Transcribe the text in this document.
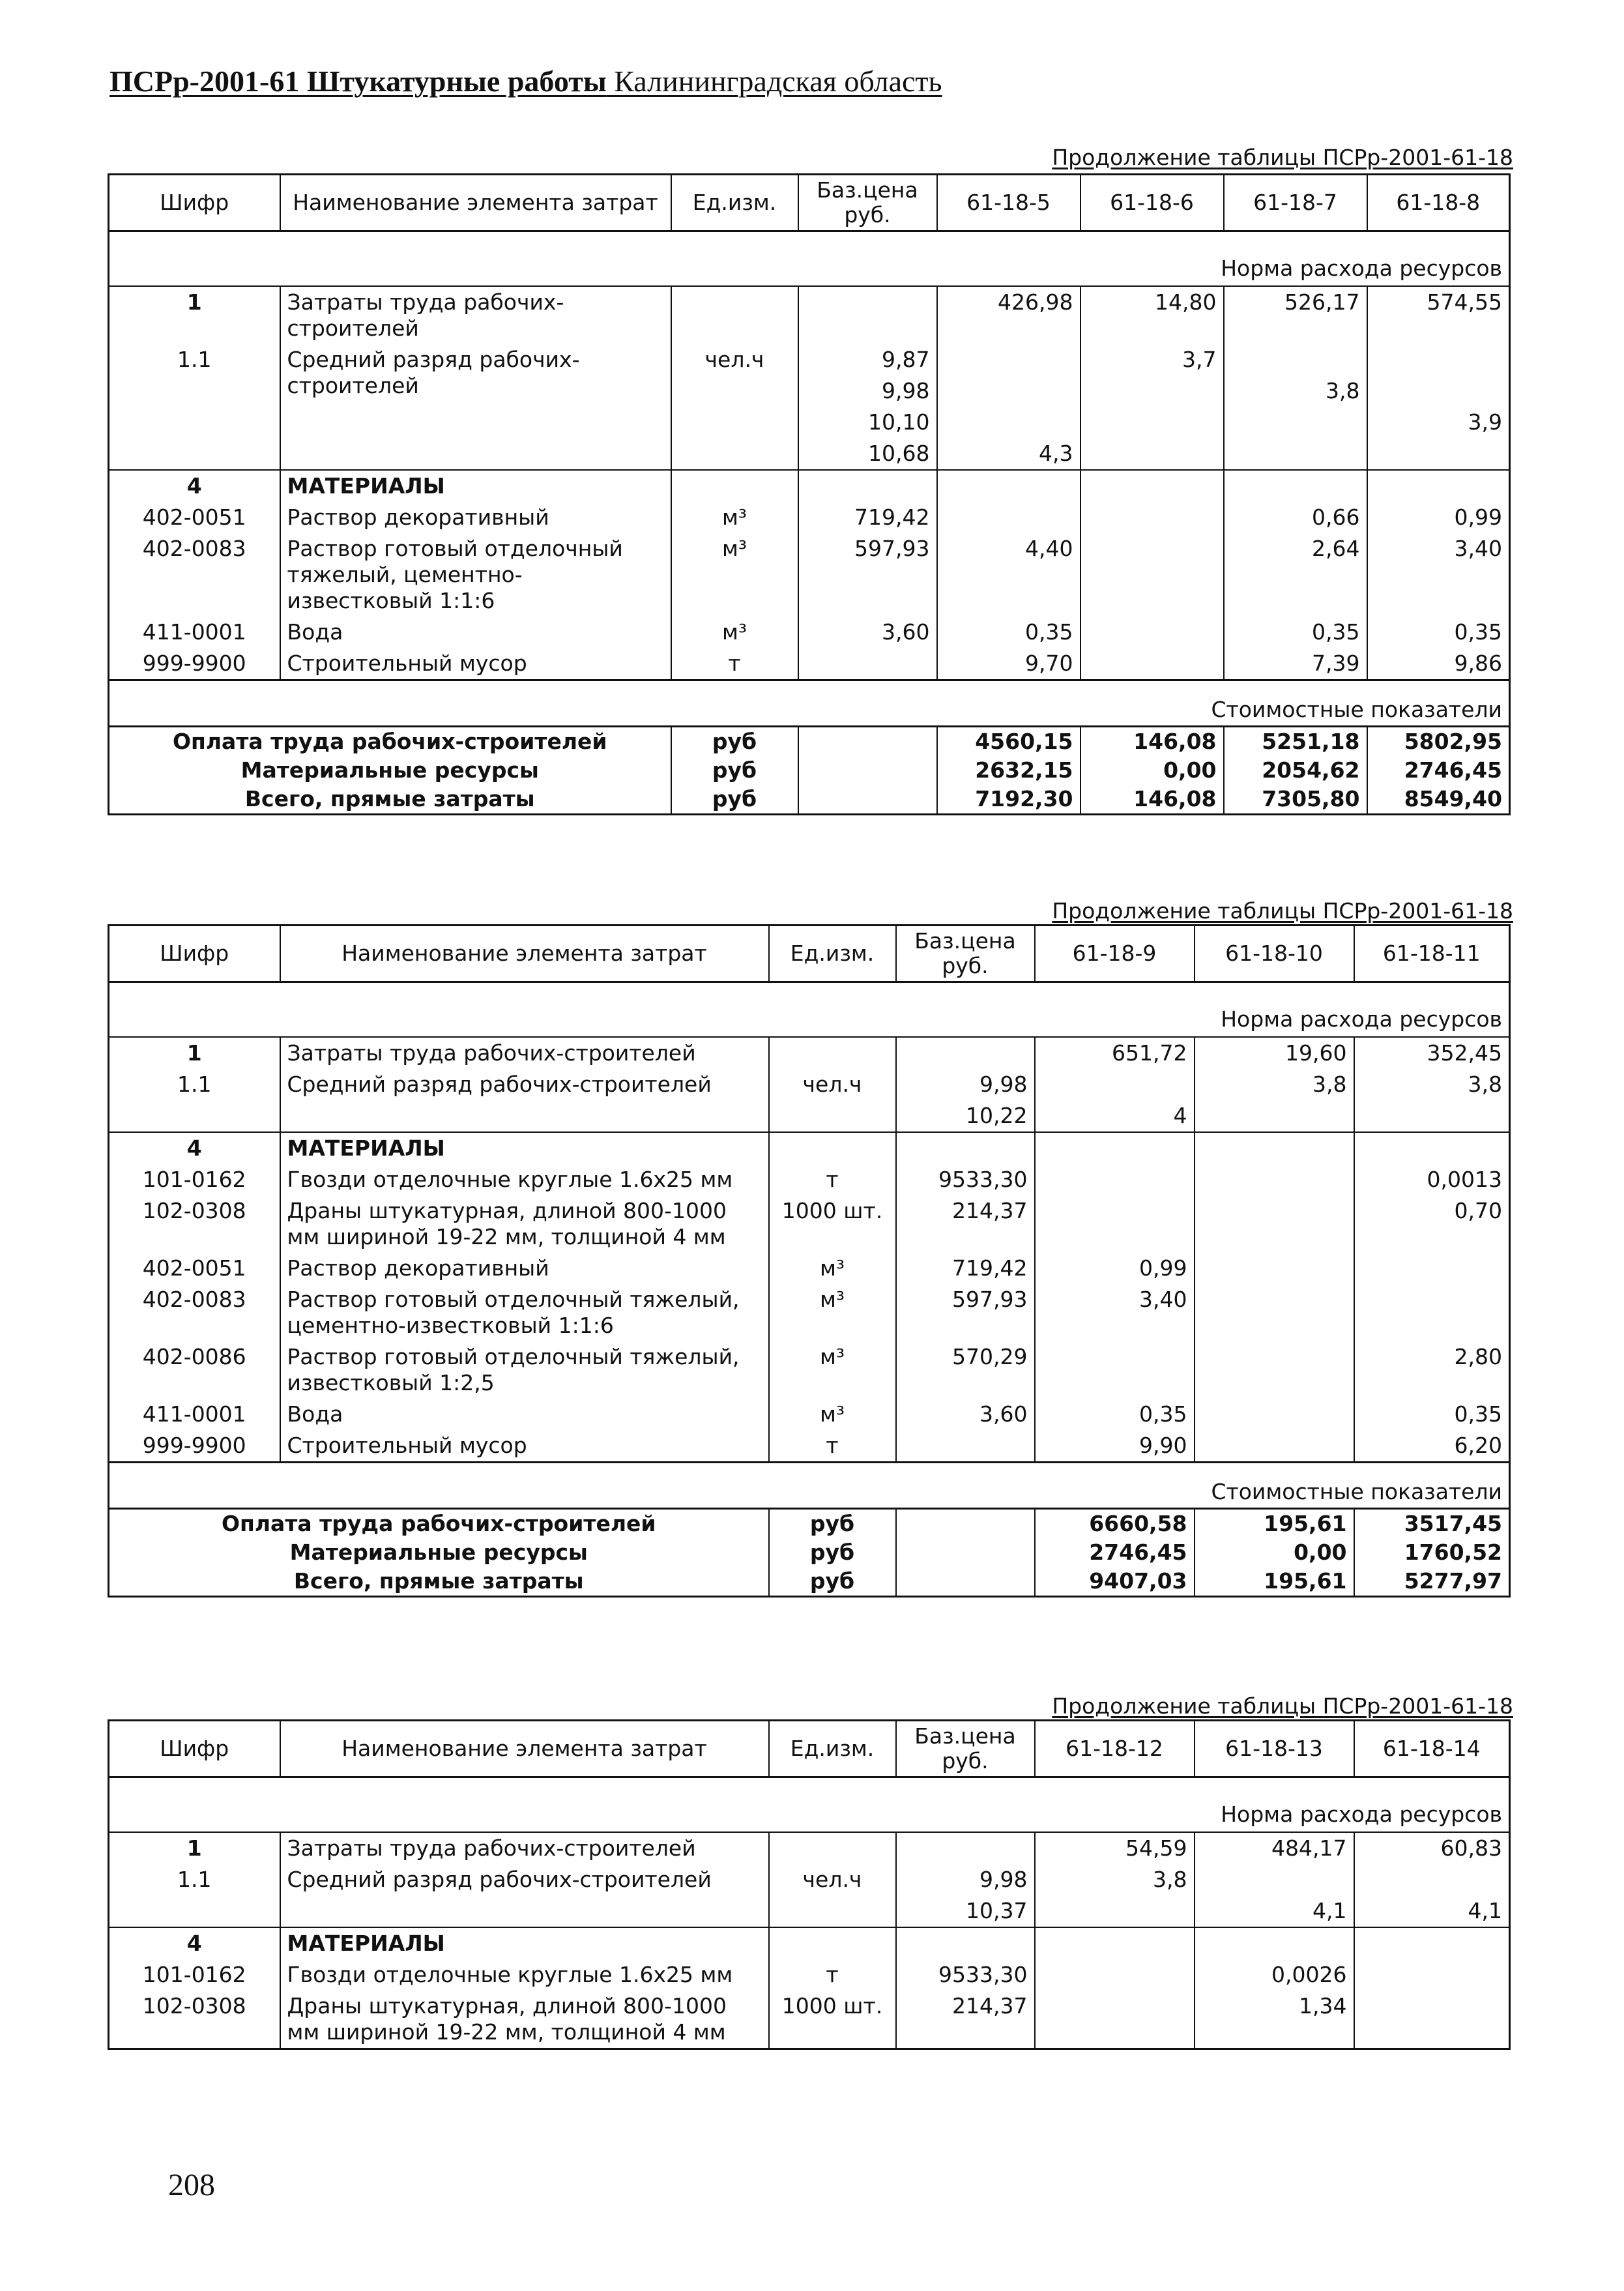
ПСРр-2001-61 Штукатурные работы Калининградская область
Продолжение таблицы ПСРр-2001-61-18
Шифр	Наименование элемента затрат	Ед.изм.	Баз.цена руб.	61-18-5	61-18-6	61-18-7	61-18-8
Норма расхода ресурсов							
1	Затраты труда рабочих-строителей			426,98	14,80	526,17	574,55
1.1	Средний разряд рабочих-строителей	чел.ч	9,87		3,7		
			9,98			3,8	
			10,10				3,9
			10,68	4,3			
4	МАТЕРИАЛЫ						
402-0051	Раствор декоративный	м³	719,42			0,66	0,99
402-0083	Раствор готовый отделочный тяжелый, цементно-известковый 1:1:6	м³	597,93	4,40		2,64	3,40
411-0001	Вода	м³	3,60	0,35		0,35	0,35
999-9900	Строительный мусор	т		9,70		7,39	9,86
Стоимостные показатели							
Оплата труда рабочих-строителей		руб		4560,15	146,08	5251,18	5802,95
Материальные ресурсы		руб		2632,15	0,00	2054,62	2746,45
Всего, прямые затраты		руб		7192,30	146,08	7305,80	8549,40
Продолжение таблицы ПСРр-2001-61-18
Шифр	Наименование элемента затрат	Ед.изм.	Баз.цена руб.	61-18-9	61-18-10	61-18-11
Норма расхода ресурсов						
1	Затраты труда рабочих-строителей			651,72	19,60	352,45
1.1	Средний разряд рабочих-строителей	чел.ч	9,98		3,8	3,8
			10,22	4		
4	МАТЕРИАЛЫ					
101-0162	Гвозди отделочные круглые 1.6х25 мм	т	9533,30			0,0013
102-0308	Драны штукатурная, длиной 800-1000 мм шириной 19-22 мм, толщиной 4 мм	1000 шт.	214,37			0,70
402-0051	Раствор декоративный	м³	719,42	0,99		
402-0083	Раствор готовый отделочный тяжелый, цементно-известковый 1:1:6	м³	597,93	3,40		
402-0086	Раствор готовый отделочный тяжелый, известковый 1:2,5	м³	570,29			2,80
411-0001	Вода	м³	3,60	0,35		0,35
999-9900	Строительный мусор	т		9,90		6,20
Стоимостные показатели						
Оплата труда рабочих-строителей		руб		6660,58	195,61	3517,45
Материальные ресурсы		руб		2746,45	0,00	1760,52
Всего, прямые затраты		руб		9407,03	195,61	5277,97
Продолжение таблицы ПСРр-2001-61-18
Шифр	Наименование элемента затрат	Ед.изм.	Баз.цена руб.	61-18-12	61-18-13	61-18-14
Норма расхода ресурсов						
1	Затраты труда рабочих-строителей			54,59	484,17	60,83
1.1	Средний разряд рабочих-строителей	чел.ч	9,98	3,8		
			10,37		4,1	4,1
4	МАТЕРИАЛЫ					
101-0162	Гвозди отделочные круглые 1.6х25 мм	т	9533,30		0,0026	
102-0308	Драны штукатурная, длиной 800-1000 мм шириной 19-22 мм, толщиной 4 мм	1000 шт.	214,37		1,34	
208
